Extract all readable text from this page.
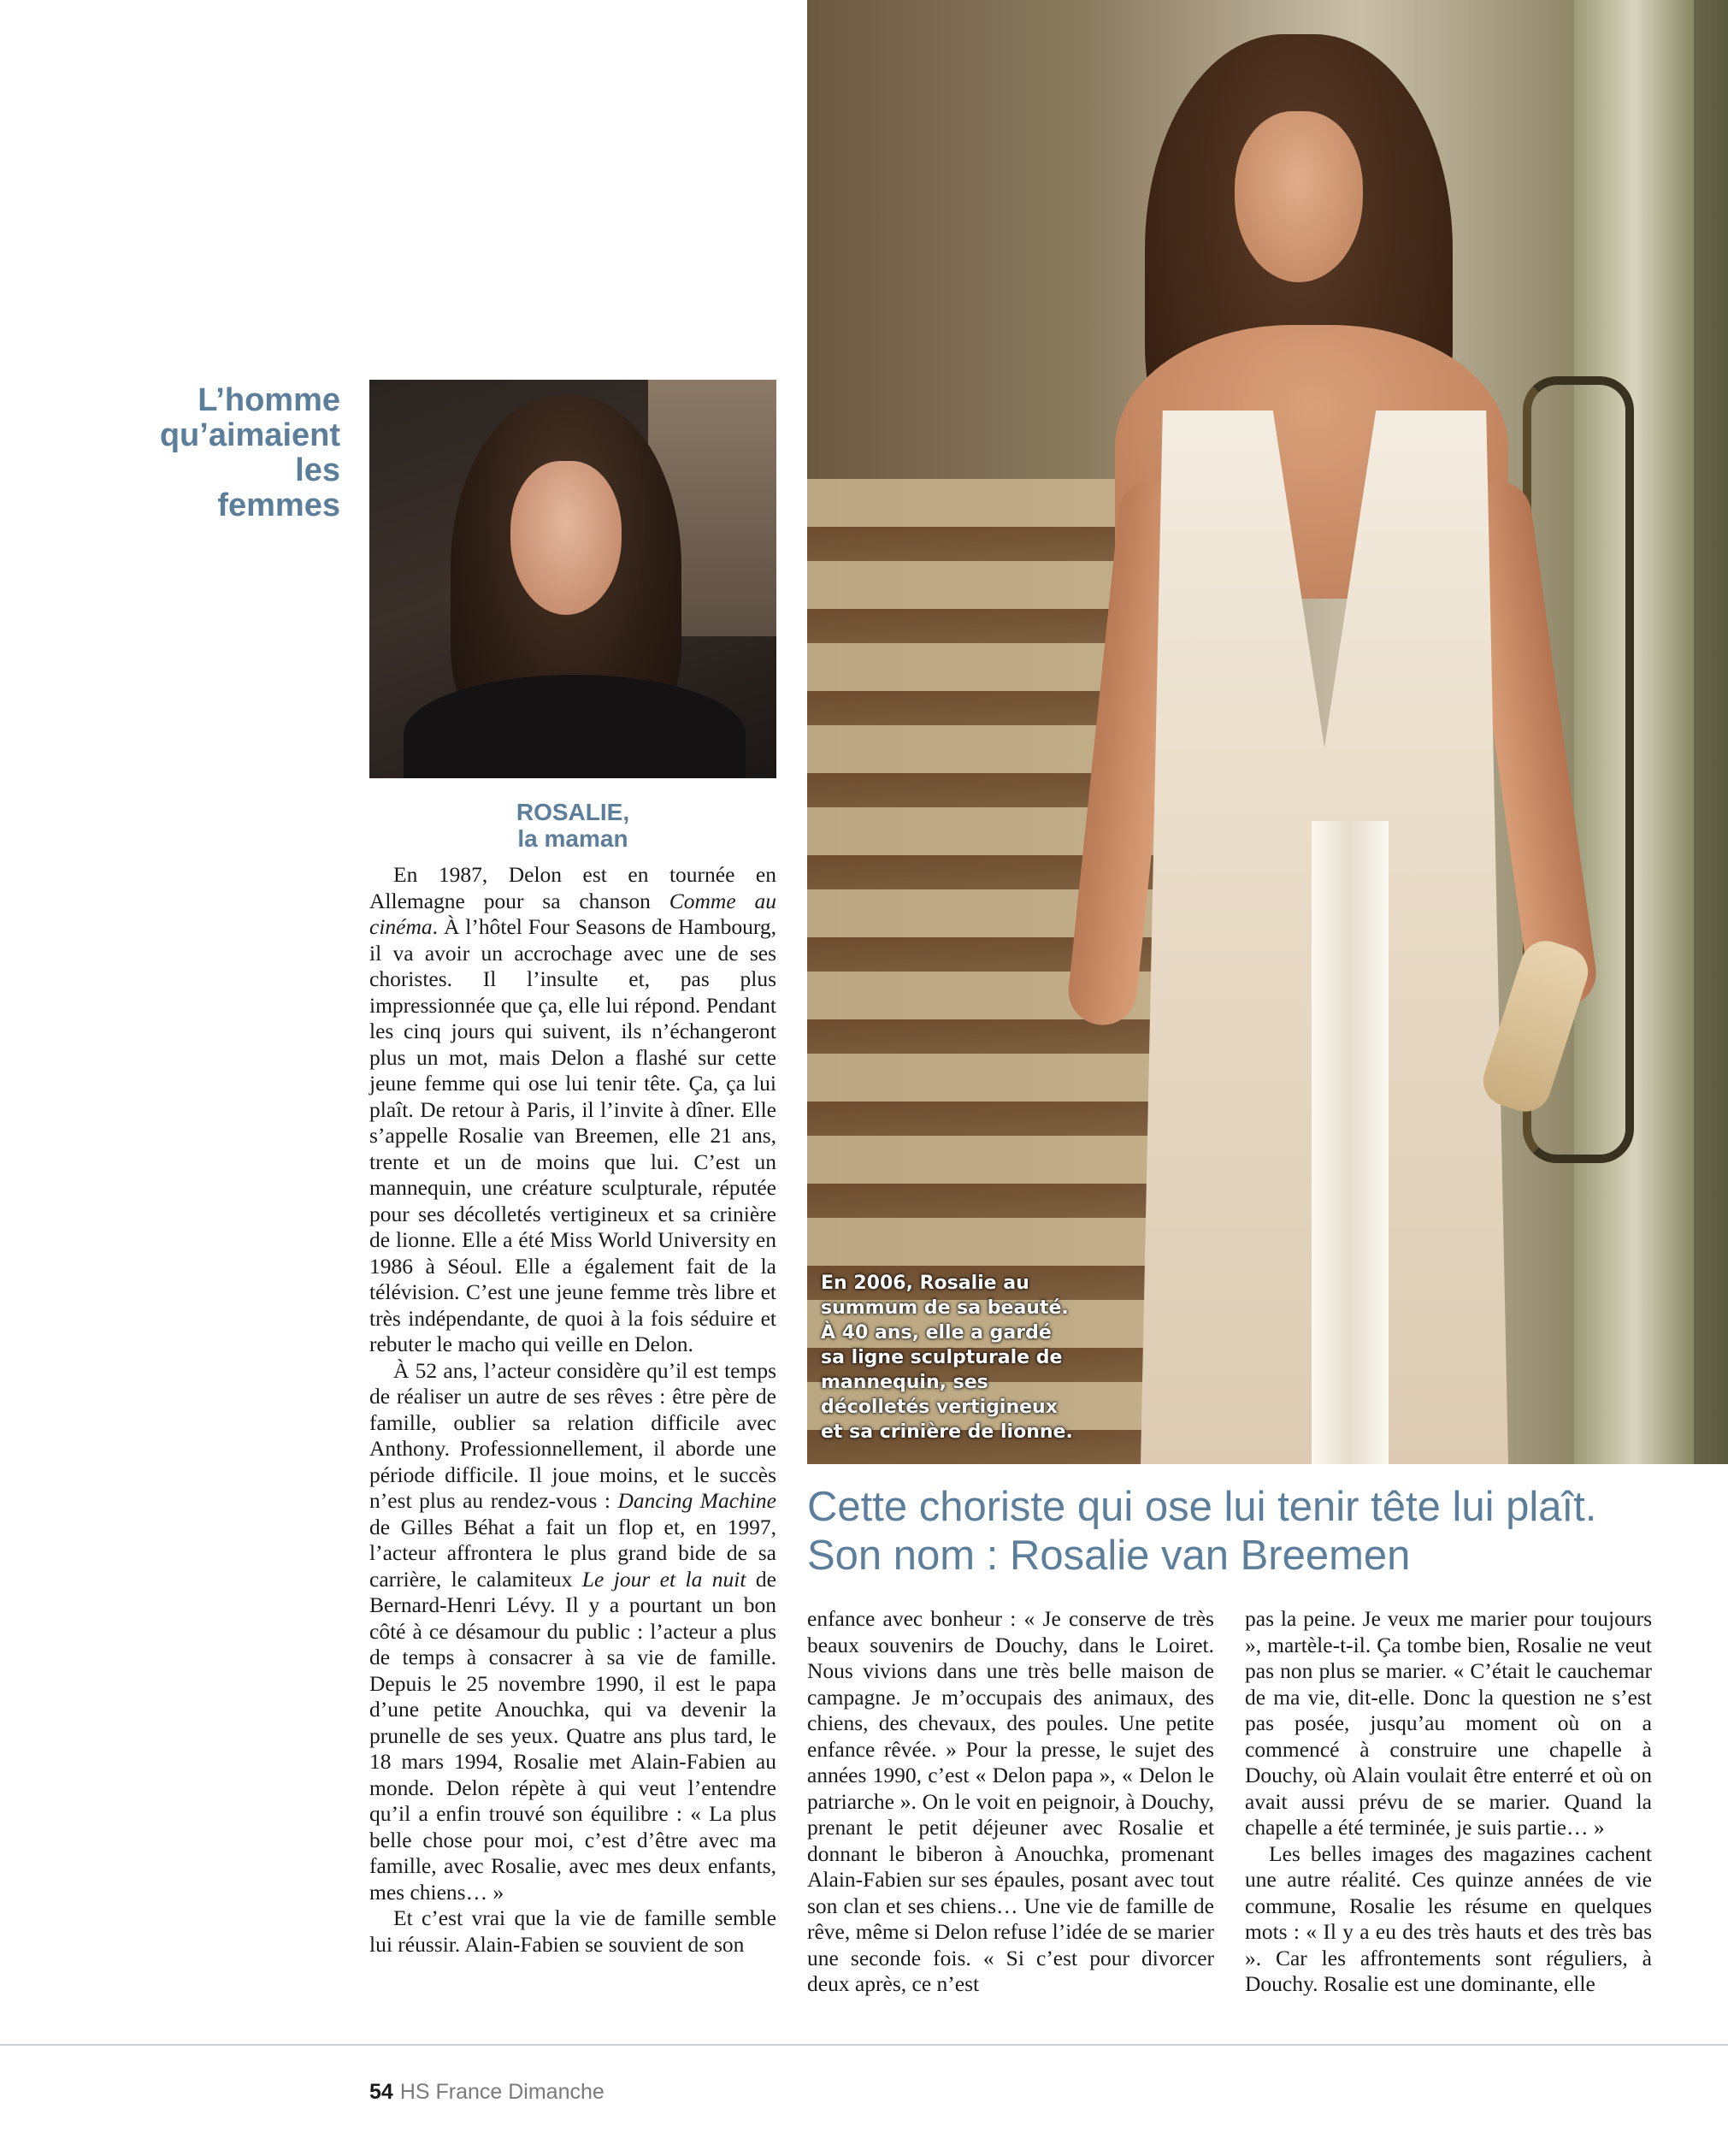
L’homme
qu’aimaient
les
femmes
ROSALIE,
la maman
En 2006, Rosalie au
summum de sa beauté.
À 40 ans, elle a gardé
sa ligne sculpturale de
mannequin, ses
décolletés vertigineux
et sa crinière de lionne.
Cette choriste qui ose lui tenir tête lui plaît. Son nom : Rosalie van Breemen

En 1987, Delon est en tournée en Allemagne pour sa chanson Comme au cinéma. À l’hôtel Four Seasons de Hambourg, il va avoir un accrochage avec une de ses choristes. Il l’insulte et, pas plus impressionnée que ça, elle lui répond. Pendant les cinq jours qui suivent, ils n’échangeront plus un mot, mais Delon a flashé sur cette jeune femme qui ose lui tenir tête. Ça, ça lui plaît. De retour à Paris, il l’invite à dîner. Elle s’appelle Rosalie van Breemen, elle 21 ans, trente et un de moins que lui. C’est un mannequin, une créature sculpturale, réputée pour ses décolletés vertigineux et sa crinière de lionne. Elle a été Miss World University en 1986 à Séoul. Elle a également fait de la télévision. C’est une jeune femme très libre et très indépendante, de quoi à la fois séduire et rebuter le macho qui veille en Delon.

À 52 ans, l’acteur considère qu’il est temps de réaliser un autre de ses rêves : être père de famille, oublier sa relation difficile avec Anthony. Professionnellement, il aborde une période difficile. Il joue moins, et le succès n’est plus au rendez-vous : Dancing Machine de Gilles Béhat a fait un flop et, en 1997, l’acteur affrontera le plus grand bide de sa carrière, le calamiteux Le jour et la nuit de Bernard-Henri Lévy. Il y a pourtant un bon côté à ce désamour du public : l’acteur a plus de temps à consacrer à sa vie de famille. Depuis le 25 novembre 1990, il est le papa d’une petite Anouchka, qui va devenir la prunelle de ses yeux. Quatre ans plus tard, le 18 mars 1994, Rosalie met Alain-Fabien au monde. Delon répète à qui veut l’entendre qu’il a enfin trouvé son équilibre : « La plus belle chose pour moi, c’est d’être avec ma famille, avec Rosalie, avec mes deux enfants, mes chiens… »

Et c’est vrai que la vie de famille semble lui réussir. Alain-Fabien se souvient de son

enfance avec bonheur : « Je conserve de très beaux souvenirs de Douchy, dans le Loiret. Nous vivions dans une très belle maison de campagne. Je m’occupais des animaux, des chiens, des chevaux, des poules. Une petite enfance rêvée. » Pour la presse, le sujet des années 1990, c’est « Delon papa », « Delon le patriarche ». On le voit en peignoir, à Douchy, prenant le petit déjeuner avec Rosalie et donnant le biberon à Anouchka, promenant Alain-Fabien sur ses épaules, posant avec tout son clan et ses chiens… Une vie de famille de rêve, même si Delon refuse l’idée de se marier une seconde fois. « Si c’est pour divorcer deux après, ce n’est

pas la peine. Je veux me marier pour toujours », martèle-t-il. Ça tombe bien, Rosalie ne veut pas non plus se marier. « C’était le cauchemar de ma vie, dit-elle. Donc la question ne s’est pas posée, jusqu’au moment où on a commencé à construire une chapelle à Douchy, où Alain voulait être enterré et où on avait aussi prévu de se marier. Quand la chapelle a été terminée, je suis partie… »

Les belles images des magazines cachent une autre réalité. Ces quinze années de vie commune, Rosalie les résume en quelques mots : « Il y a eu des très hauts et des très bas ». Car les affrontements sont réguliers, à Douchy. Rosalie est une dominante, elle

54 HS France Dimanche
